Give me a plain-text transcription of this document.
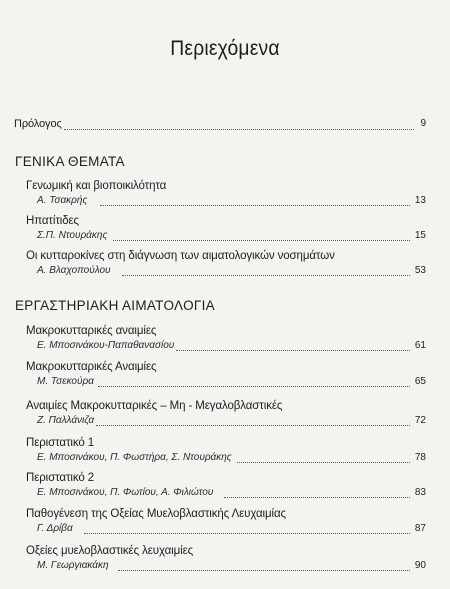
Περιεχόμενα
Πρόλογος	9
ΓΕΝΙΚΑ ΘΕΜΑΤΑ
Γενωμική και βιοποικιλότητα
Α. Τσακρής	13
Ηπατίτιδες
Σ.Π. Ντουράκης	15
Οι κυτταροκίνες στη διάγνωση των αιματολογικών νοσημάτων
Α. Βλαχοπούλου	53
ΕΡΓΑΣΤΗΡΙΑΚΗ ΑΙΜΑΤΟΛΟΓΙΑ
Μακροκυτταρικές αναιμίες
Ε. Μποσινάκου-Παπαθανασίου	61
Μακροκυτταρικές Αναιμίες
Μ. Τσεκούρα	65
Αναιμίες Μακροκυτταρικές – Μη - Μεγαλοβλαστικές
Ζ. Παλλάνιζα	72
Περιστατικό 1
Ε. Μποσινάκου, Π. Φωστήρα, Σ. Ντουράκης	78
Περιστατικό 2
Ε. Μποσινάκου, Π. Φωτίου, Α. Φιλιώτου	83
Παθογένεση της Οξείας Μυελοβλαστικής Λευχαιμίας
Γ. Δρίβα	87
Οξείες μυελοβλαστικές λευχαιμίες
Μ. Γεωργιακάκη	90
